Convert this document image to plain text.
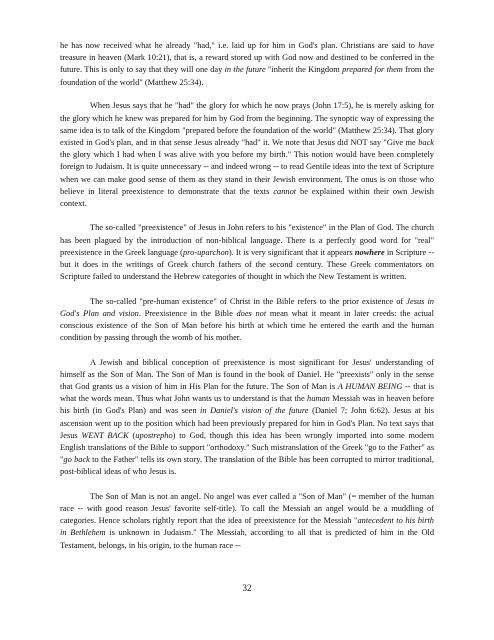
he has now received what he already "had," i.e. laid up for him in God's plan. Christians are said to have treasure in heaven (Mark 10:21), that is, a reward stored up with God now and destined to be conferred in the future. This is only to say that they will one day in the future "inherit the Kingdom prepared for them from the foundation of the world" (Matthew 25:34).

When Jesus says that he "had" the glory for which he now prays (John 17:5), he is merely asking for the glory which he knew was prepared for him by God from the beginning. The synoptic way of expressing the same idea is to talk of the Kingdom "prepared before the foundation of the world" (Matthew 25:34). That glory existed in God's plan, and in that sense Jesus already "had" it. We note that Jesus did NOT say "Give me back the glory which I had when I was alive with you before my birth." This notion would have been completely foreign to Judaism. It is quite unnecessary -- and indeed wrong -- to read Gentile ideas into the text of Scripture when we can make good sense of them as they stand in their Jewish environment. The onus is on those who believe in literal preexistence to demonstrate that the texts cannot be explained within their own Jewish context.

The so-called "preexistence" of Jesus in John refers to his "existence" in the Plan of God. The church has been plagued by the introduction of non-biblical language. There is a perfectly good word for "real" preexistence in the Greek language (pro-uparchon). It is very significant that it appears nowhere in Scripture -- but it does in the writings of Greek church fathers of the second century. These Greek commentators on Scripture failed to understand the Hebrew categories of thought in which the New Testament is written.

The so-called "pre-human existence" of Christ in the Bible refers to the prior existence of Jesus in God's Plan and vision. Preexistence in the Bible does not mean what it meant in later creeds: the actual conscious existence of the Son of Man before his birth at which time he entered the earth and the human condition by passing through the womb of his mother.

A Jewish and biblical conception of preexistence is most significant for Jesus' understanding of himself as the Son of Man. The Son of Man is found in the book of Daniel. He "preexists" only in the sense that God grants us a vision of him in His Plan for the future. The Son of Man is A HUMAN BEING -- that is what the words mean. Thus what John wants us to understand is that the human Messiah was in heaven before his birth (in God's Plan) and was seen in Daniel's vision of the future (Daniel 7; John 6:62). Jesus at his ascension went up to the position which had been previously prepared for him in God's Plan. No text says that Jesus WENT BACK (upostrepho) to God, though this idea has been wrongly imported into some modern English translations of the Bible to support "orthodoxy." Such mistranslation of the Greek "go to the Father" as "go back to the Father" tells its own story. The translation of the Bible has been corrupted to mirror traditional, post-biblical ideas of who Jesus is.

The Son of Man is not an angel. No angel was ever called a "Son of Man" (= member of the human race -- with good reason Jesus' favorite self-title). To call the Messiah an angel would be a muddling of categories. Hence scholars rightly report that the idea of preexistence for the Messiah "antecedent to his birth in Bethlehem is unknown in Judaism." The Messiah, according to all that is predicted of him in the Old Testament, belongs, in his origin, to the human race --

32
